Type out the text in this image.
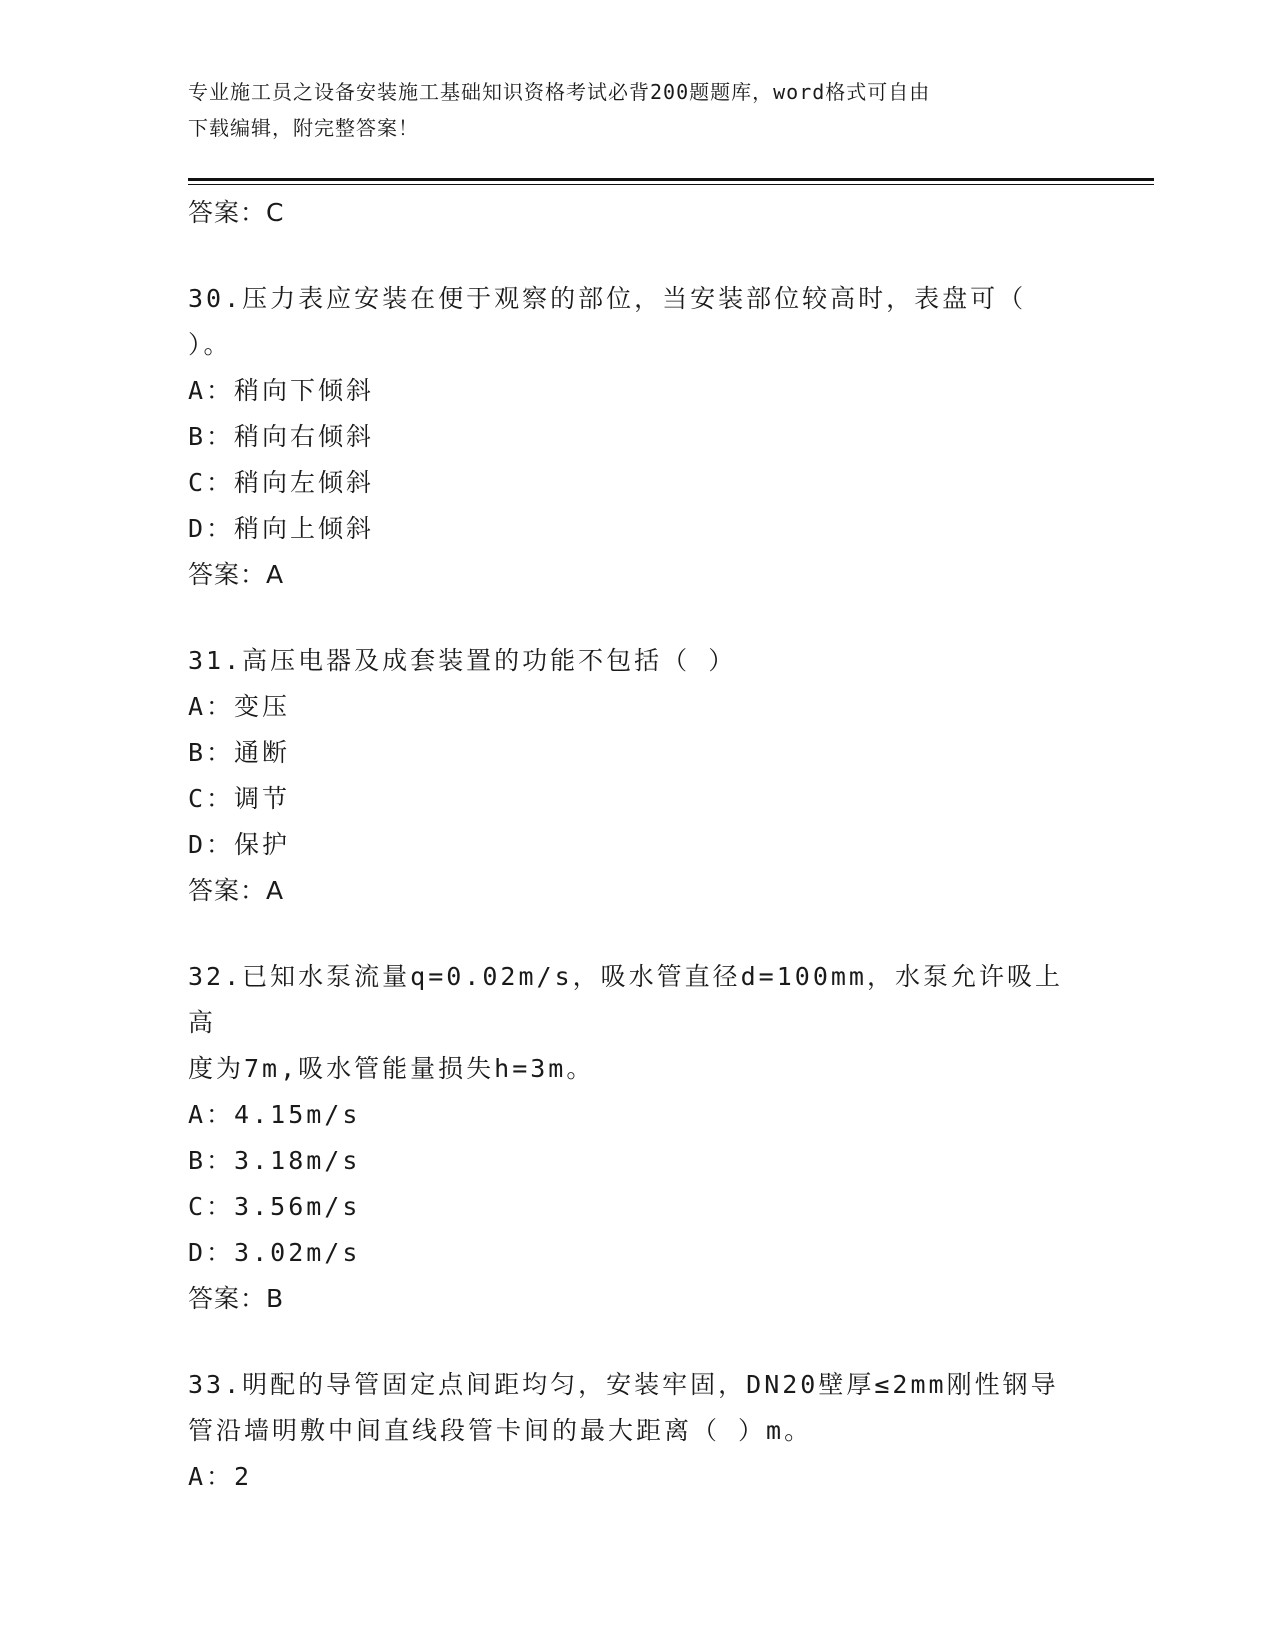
专业施工员之设备安装施工基础知识资格考试必背200题题库，word格式可自由
下载编辑，附完整答案！
答案：C
30.压力表应安装在便于观察的部位，当安装部位较高时，表盘可（
）。
A：稍向下倾斜
B：稍向右倾斜
C：稍向左倾斜
D：稍向上倾斜
答案：A
31.高压电器及成套装置的功能不包括（ ）
A：变压
B：通断
C：调节
D：保护
答案：A
32.已知水泵流量q=0.02m/s，吸水管直径d=100mm，水泵允许吸上高
度为7m,吸水管能量损失h=3m。
A：4.15m/s
B：3.18m/s
C：3.56m/s
D：3.02m/s
答案：B
33.明配的导管固定点间距均匀，安装牢固，DN20壁厚≤2mm刚性钢导
管沿墙明敷中间直线段管卡间的最大距离（ ）m。
A：2
